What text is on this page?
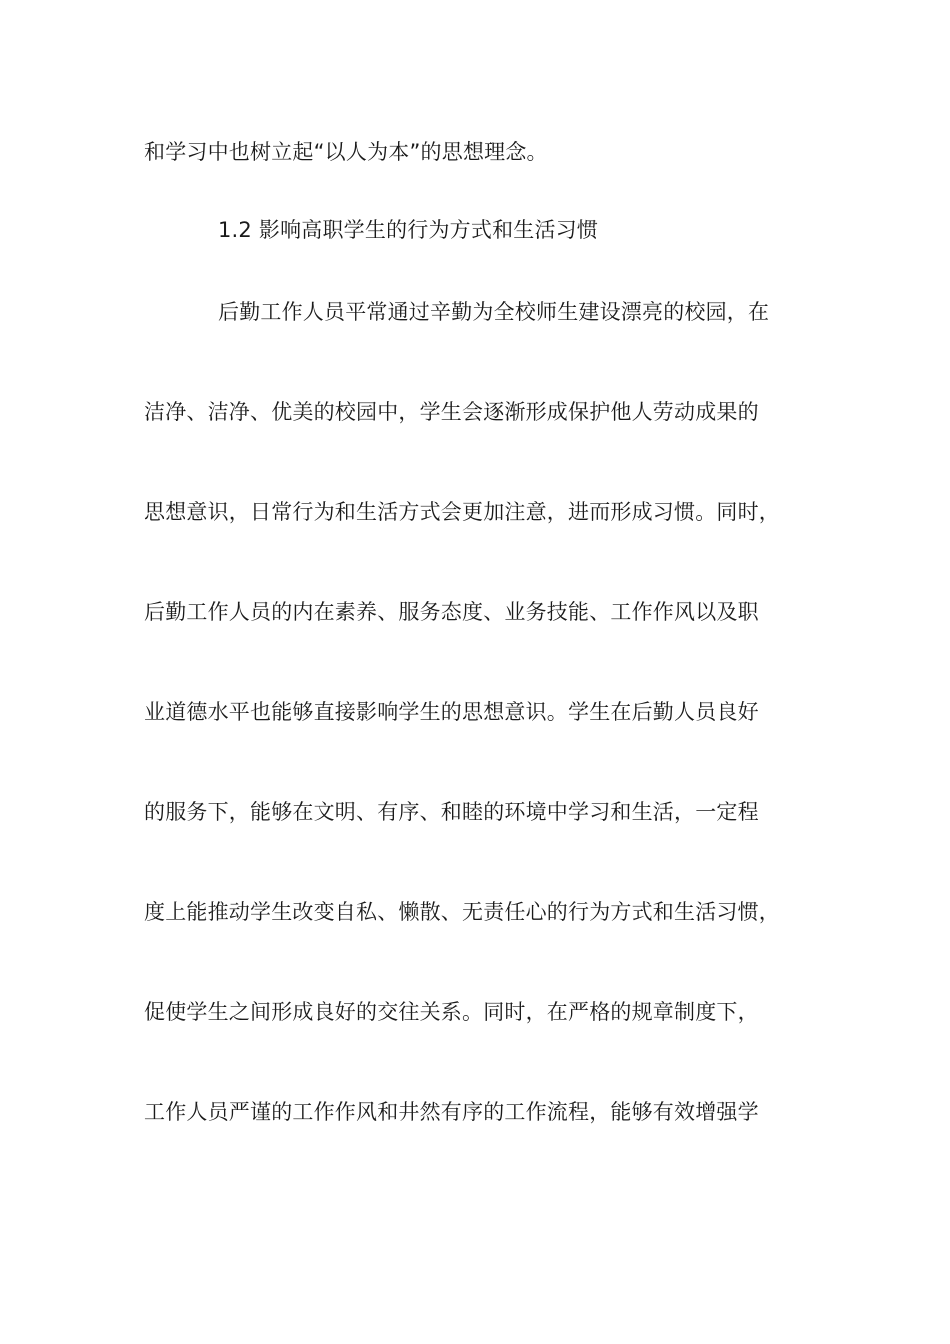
和学习中也树立起“以人为本”的思想理念。
1.2 影响高职学生的行为方式和生活习惯
后勤工作人员平常通过辛勤为全校师生建设漂亮的校园，在
洁净、洁净、优美的校园中，学生会逐渐形成保护他人劳动成果的
思想意识，日常行为和生活方式会更加注意，进而形成习惯。同时，
后勤工作人员的内在素养、服务态度、业务技能、工作作风以及职
业道德水平也能够直接影响学生的思想意识。学生在后勤人员良好
的服务下，能够在文明、有序、和睦的环境中学习和生活，一定程
度上能推动学生改变自私、懒散、无责任心的行为方式和生活习惯，
促使学生之间形成良好的交往关系。同时，在严格的规章制度下，
工作人员严谨的工作作风和井然有序的工作流程，能够有效增强学
